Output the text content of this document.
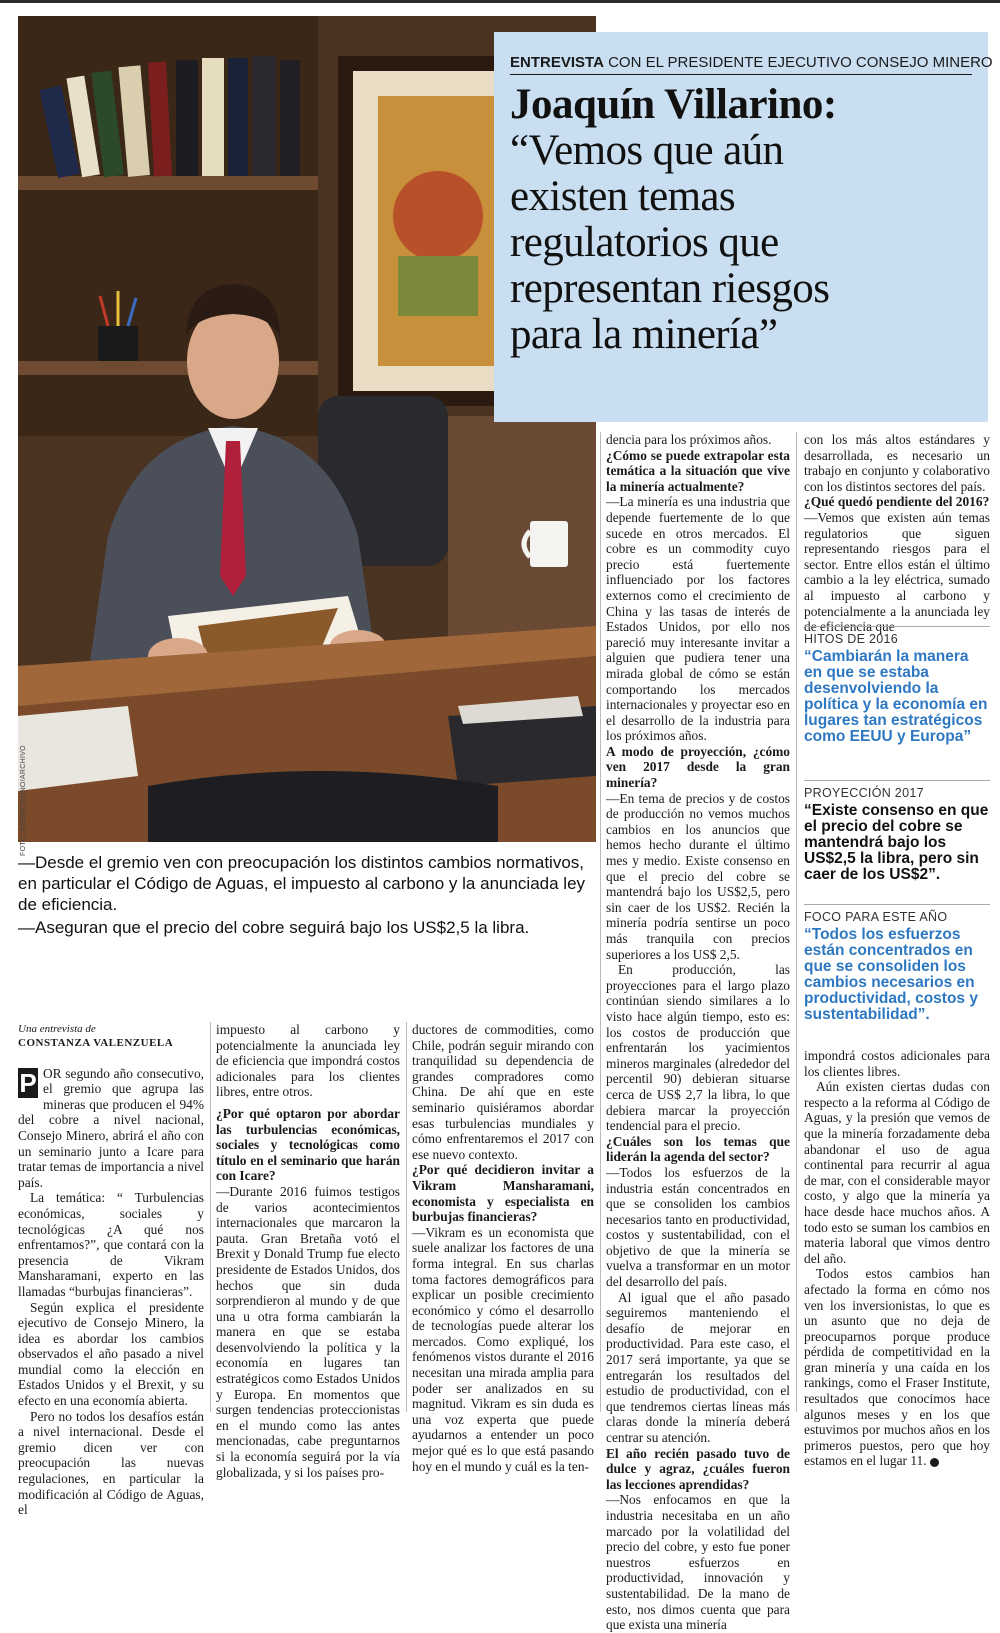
FOTO: AGENCIAUNO/ARCHIVO
ENTREVISTA CON EL PRESIDENTE EJECUTIVO CONSEJO MINERO
Joaquín Villarino:
“Vemos que aún
existen temas
regulatorios que
representan riesgos
para la minería”

—Desde el gremio ven con preocupación los distintos cambios normativos, en particular el Código de Aguas, el impuesto al carbono y la anunciada ley de eficiencia.

—Aseguran que el precio del cobre seguirá bajo los US$2,5 la libra.

Una entrevista de

CONSTANZA VALENZUELA

P OR segundo año consecutivo, el gremio que agrupa las mineras que producen el 94% del cobre a nivel nacional, Consejo Minero, abrirá el año con un seminario junto a Icare para tratar temas de importancia a nivel país.

La temática: “ Turbulencias económicas, sociales y tecnológicas ¿A qué nos enfrentamos?”, que contará con la presencia de Vikram Mansharamani, experto en las llamadas “burbujas financieras”.

Según explica el presidente ejecutivo de Consejo Minero, la idea es abordar los cambios observados el año pasado a nivel mundial como la elección en Estados Unidos y el Brexit, y su efecto en una economía abierta.

Pero no todos los desafíos están a nivel internacional. Desde el gremio dicen ver con preocupación las nuevas regulaciones, en particular la modificación al Código de Aguas, el

impuesto al carbono y potencialmente la anunciada ley de eficiencia que impondrá costos adicionales para los clientes libres, entre otros.

¿Por qué optaron por abordar las turbulencias económicas, sociales y tecnológicas como título en el seminario que harán con Icare?

—Durante 2016 fuimos testigos de varios acontecimientos internacionales que marcaron la pauta. Gran Bretaña votó el Brexit y Donald Trump fue electo presidente de Estados Unidos, dos hechos que sin duda sorprendieron al mundo y de que una u otra forma cambiarán la manera en que se estaba desenvolviendo la política y la economía en lugares tan estratégicos como Estados Unidos y Europa. En momentos que surgen tendencias proteccionistas en el mundo como las antes mencionadas, cabe preguntarnos si la economía seguirá por la vía globalizada, y si los países pro-

ductores de commodities, como Chile, podrán seguir mirando con tranquilidad su dependencia de grandes compradores como China. De ahí que en este seminario quisiéramos abordar esas turbulencias mundiales y cómo enfrentaremos el 2017 con ese nuevo contexto.

¿Por qué decidieron invitar a Vikram Mansharamani, economista y especialista en burbujas financieras?

—Vikram es un economista que suele analizar los factores de una forma integral. En sus charlas toma factores demográficos para explicar un posible crecimiento económico y cómo el desarrollo de tecnologías puede alterar los mercados. Como expliqué, los fenómenos vistos durante el 2016 necesitan una mirada amplia para poder ser analizados en su magnitud. Vikram es sin duda es una voz experta que puede ayudarnos a entender un poco mejor qué es lo que está pasando hoy en el mundo y cuál es la ten-

dencia para los próximos años.

¿Cómo se puede extrapolar esta temática a la situación que vive la minería actualmente?

—La minería es una industria que depende fuertemente de lo que sucede en otros mercados. El cobre es un commodity cuyo precio está fuertemente influenciado por los factores externos como el crecimiento de China y las tasas de interés de Estados Unidos, por ello nos pareció muy interesante invitar a alguien que pudiera tener una mirada global de cómo se están comportando los mercados internacionales y proyectar eso en el desarrollo de la industria para los próximos años.

A modo de proyección, ¿cómo ven 2017 desde la gran minería?

—En tema de precios y de costos de producción no vemos muchos cambios en los anuncios que hemos hecho durante el último mes y medio. Existe consenso en que el precio del cobre se mantendrá bajo los US$2,5, pero sin caer de los US$2. Recién la minería podría sentirse un poco más tranquila con precios superiores a los US$ 2,5.

En producción, las proyecciones para el largo plazo continúan siendo similares a lo visto hace algún tiempo, esto es: los costos de producción que enfrentarán los yacimientos mineros marginales (alrededor del percentil 90) debieran situarse cerca de US$ 2,7 la libra, lo que debiera marcar la proyección tendencial para el precio.

¿Cuáles son los temas que liderán la agenda del sector?

—Todos los esfuerzos de la industria están concentrados en que se consoliden los cambios necesarios tanto en productividad, costos y sustentabilidad, con el objetivo de que la minería se vuelva a transformar en un motor del desarrollo del país.

Al igual que el año pasado seguiremos manteniendo el desafío de mejorar en productividad. Para este caso, el 2017 será importante, ya que se entregarán los resultados del estudio de productividad, con el que tendremos ciertas líneas más claras donde la minería deberá centrar su atención.

El año recién pasado tuvo de dulce y agraz, ¿cuáles fueron las lecciones aprendidas?

—Nos enfocamos en que la industria necesitaba en un año marcado por la volatilidad del precio del cobre, y esto fue poner nuestros esfuerzos en productividad, innovación y sustentabilidad. De la mano de esto, nos dimos cuenta que para que exista una minería

con los más altos estándares y desarrollada, es necesario un trabajo en conjunto y colaborativo con los distintos sectores del país.

¿Qué quedó pendiente del 2016?

—Vemos que existen aún temas regulatorios que siguen representando riesgos para el sector. Entre ellos están el último cambio a la ley eléctrica, sumado al impuesto al carbono y potencialmente a la anunciada ley de eficiencia que

HITOS DE 2016
“Cambiarán la manera en que se estaba desenvolviendo la política y la economía en lugares tan estratégicos como EEUU y Europa”
PROYECCIÓN 2017
“Existe consenso en que el precio del cobre se mantendrá bajo los US$2,5 la libra, pero sin caer de los US$2”.
FOCO PARA ESTE AÑO
“Todos los esfuerzos están concentrados en que se consoliden los cambios necesarios en productividad, costos y sustentabilidad”.

impondrá costos adicionales para los clientes libres.

Aún existen ciertas dudas con respecto a la reforma al Código de Aguas, y la presión que vemos de que la minería forzadamente deba abandonar el uso de agua continental para recurrir al agua de mar, con el considerable mayor costo, y algo que la minería ya hace desde hace muchos años. A todo esto se suman los cambios en materia laboral que vimos dentro del año.

Todos estos cambios han afectado la forma en cómo nos ven los inversionistas, lo que es un asunto que no deja de preocuparnos porque produce pérdida de competitividad en la gran minería y una caída en los rankings, como el Fraser Institute, resultados que conocimos hace algunos meses y en los que estuvimos por muchos años en los primeros puestos, pero que hoy estamos en el lugar 11.
